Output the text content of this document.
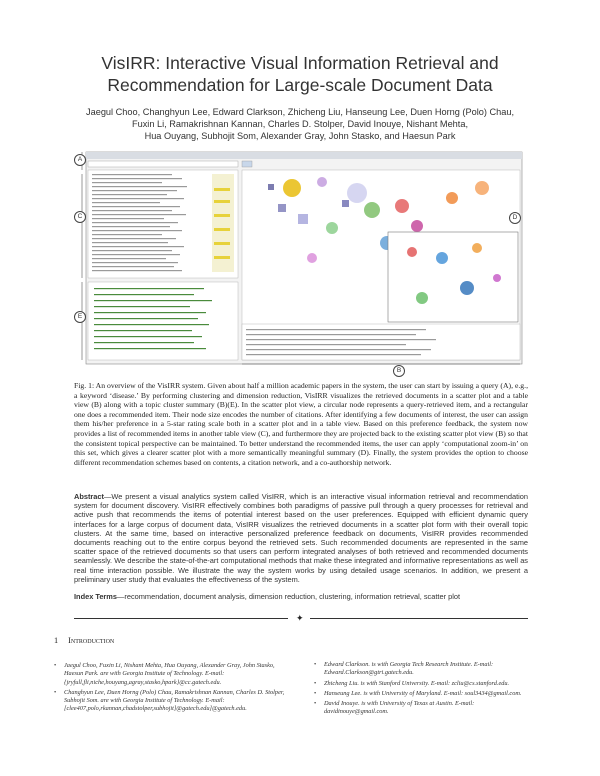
VisIRR: Interactive Visual Information Retrieval and
Recommendation for Large-scale Document Data
Jaegul Choo, Changhyun Lee, Edward Clarkson, Zhicheng Liu, Hanseung Lee, Duen Horng (Polo) Chau,
Fuxin Li, Ramakrishnan Kannan, Charles D. Stolper, David Inouye, Nishant Mehta,
Hua Ouyang, Subhojit Som, Alexander Gray, John Stasko, and Haesun Park
A
C
E
D
B
Fig. 1: An overview of the VisIRR system. Given about half a million academic papers in the system, the user can start by issuing a query (A), e.g., a keyword ‘disease.’ By performing clustering and dimension reduction, VisIRR visualizes the retrieved documents in a scatter plot and a table view (B) along with a topic cluster summary (B)(E). In the scatter plot view, a circular node represents a query-retrieved item, and a rectangular one does a recommended item. Their node size encodes the number of citations. After identifying a few documents of interest, the user can assign them his/her preference in a 5-star rating scale both in a scatter plot and in a table view. Based on this preference feedback, the system now provides a list of recommended items in another table view (C), and furthermore they are projected back to the existing scatter plot view (B) so that the consistent topical perspective can be maintained. To better understand the recommended items, the user can apply ‘computational zoom-in’ on this set, which gives a clearer scatter plot with a more semantically meaningful summary (D). Finally, the system provides the option to choose different recommendation schemes based on contents, a citation network, and a co-authorship network.
Abstract—We present a visual analytics system called VisIRR, which is an interactive visual information retrieval and recommendation system for document discovery. VisIRR effectively combines both paradigms of passive pull through a query processes for retrieval and active push that recommends the items of potential interest based on the user preferences. Equipped with efficient dynamic query interfaces for a large corpus of document data, VisIRR visualizes the retrieved documents in a scatter plot form with their overall topic clusters. At the same time, based on interactive personalized preference feedback on documents, VisIRR provides recommended documents reaching out to the entire corpus beyond the retrieved sets. Such recommended documents are represented in the same scatter space of the retrieved documents so that users can perform integrated analyses of both retrieved and recommended documents seamlessly. We describe the state-of-the-art computational methods that make these integrated and informative representations as well as real time interaction possible. We illustrate the way the system works by using detailed usage scenarios. In addition, we present a preliminary user study that evaluates the effectiveness of the system.
Index Terms—recommendation, document analysis, dimension reduction, clustering, information retrieval, scatter plot
✦
1 Introduction
• Jaegul Choo, Fuxin Li, Nishant Mehta, Hua Ouyang, Alexander Gray, John Stasko, Haesun Park. are with Georgia Institute of Technology. E-mail: {jryfull,fli,niche,houyang,agray,stasko,hpark}@cc.gatech.edu.
• Changhyun Lee, Duen Horng (Polo) Chau, Ramakrishnan Kannan, Charles D. Stolper, Subhojit Som. are with Georgia Institute of Technology. E-mail: [clee407,polo,rkannan,chadstolper,subhojit]@gatech.edu]@gatech.edu.
• Edward Clarkson. is with Georgia Tech Research Institute. E-mail: Edward.Clarkson@gtri.gatech.edu.
• Zhicheng Liu. is with Stanford University. E-mail: zcliu@cs.stanford.edu.
• Hanseung Lee. is with University of Maryland. E-mail: soul3434@gmail.com.
• David Inouye. is with University of Texas at Austin. E-mail: davidinouye@gmail.com.
